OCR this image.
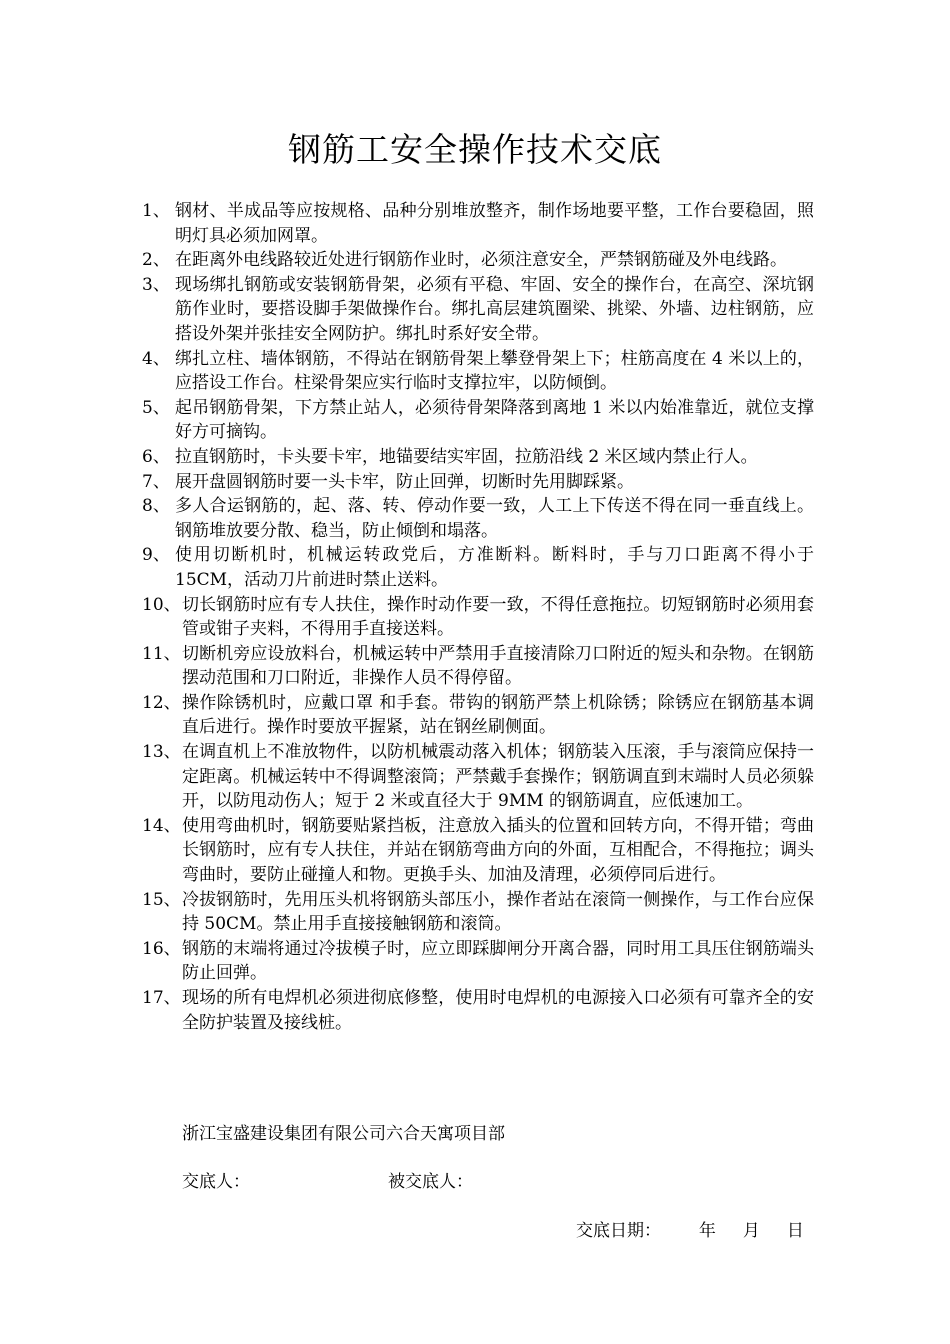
钢筋工安全操作技术交底
1、 钢材、半成品等应按规格、品种分别堆放整齐，制作场地要平整，工作台要稳固，照明灯具必须加网罩。
2、 在距离外电线路较近处进行钢筋作业时，必须注意安全，严禁钢筋碰及外电线路。
3、 现场绑扎钢筋或安装钢筋骨架，必须有平稳、牢固、安全的操作台，在高空、深坑钢筋作业时，要搭设脚手架做操作台。绑扎高层建筑圈梁、挑梁、外墙、边柱钢筋，应搭设外架并张挂安全网防护。绑扎时系好安全带。
4、 绑扎立柱、墙体钢筋，不得站在钢筋骨架上攀登骨架上下；柱筋高度在 4 米以上的，应搭设工作台。柱梁骨架应实行临时支撑拉牢，以防倾倒。
5、 起吊钢筋骨架，下方禁止站人，必须待骨架降落到离地 1 米以内始准靠近，就位支撑好方可摘钩。
6、 拉直钢筋时，卡头要卡牢，地锚要结实牢固，拉筋沿线 2 米区域内禁止行人。
7、 展开盘圆钢筋时要一头卡牢，防止回弹，切断时先用脚踩紧。
8、 多人合运钢筋的，起、落、转、停动作要一致，人工上下传送不得在同一垂直线上。钢筋堆放要分散、稳当，防止倾倒和塌落。
9、 使用切断机时，机械运转政党后，方准断料。断料时，手与刀口距离不得小于 15CM，活动刀片前进时禁止送料。
10、 切长钢筋时应有专人扶住，操作时动作要一致，不得任意拖拉。切短钢筋时必须用套管或钳子夹料，不得用手直接送料。
11、 切断机旁应设放料台，机械运转中严禁用手直接清除刀口附近的短头和杂物。在钢筋摆动范围和刀口附近，非操作人员不得停留。
12、 操作除锈机时，应戴口罩 和手套。带钩的钢筋严禁上机除锈；除锈应在钢筋基本调直后进行。操作时要放平握紧，站在钢丝刷侧面。
13、 在调直机上不准放物件，以防机械震动落入机体；钢筋装入压滚，手与滚筒应保持一定距离。机械运转中不得调整滚筒；严禁戴手套操作；钢筋调直到末端时人员必须躲开，以防甩动伤人；短于 2 米或直径大于 9MM 的钢筋调直，应低速加工。
14、 使用弯曲机时，钢筋要贴紧挡板，注意放入插头的位置和回转方向，不得开错；弯曲长钢筋时，应有专人扶住，并站在钢筋弯曲方向的外面，互相配合，不得拖拉；调头弯曲时，要防止碰撞人和物。更换手头、加油及清理，必须停同后进行。
15、 冷拔钢筋时，先用压头机将钢筋头部压小，操作者站在滚筒一侧操作，与工作台应保持 50CM。禁止用手直接接触钢筋和滚筒。
16、 钢筋的末端将通过冷拔模子时，应立即踩脚闸分开离合器，同时用工具压住钢筋端头防止回弹。
17、 现场的所有电焊机必须进彻底修整，使用时电焊机的电源接入口必须有可靠齐全的安全防护装置及接线桩。
浙江宝盛建设集团有限公司六合天寓项目部
交底人：	被交底人：
交底日期：       年     月     日
